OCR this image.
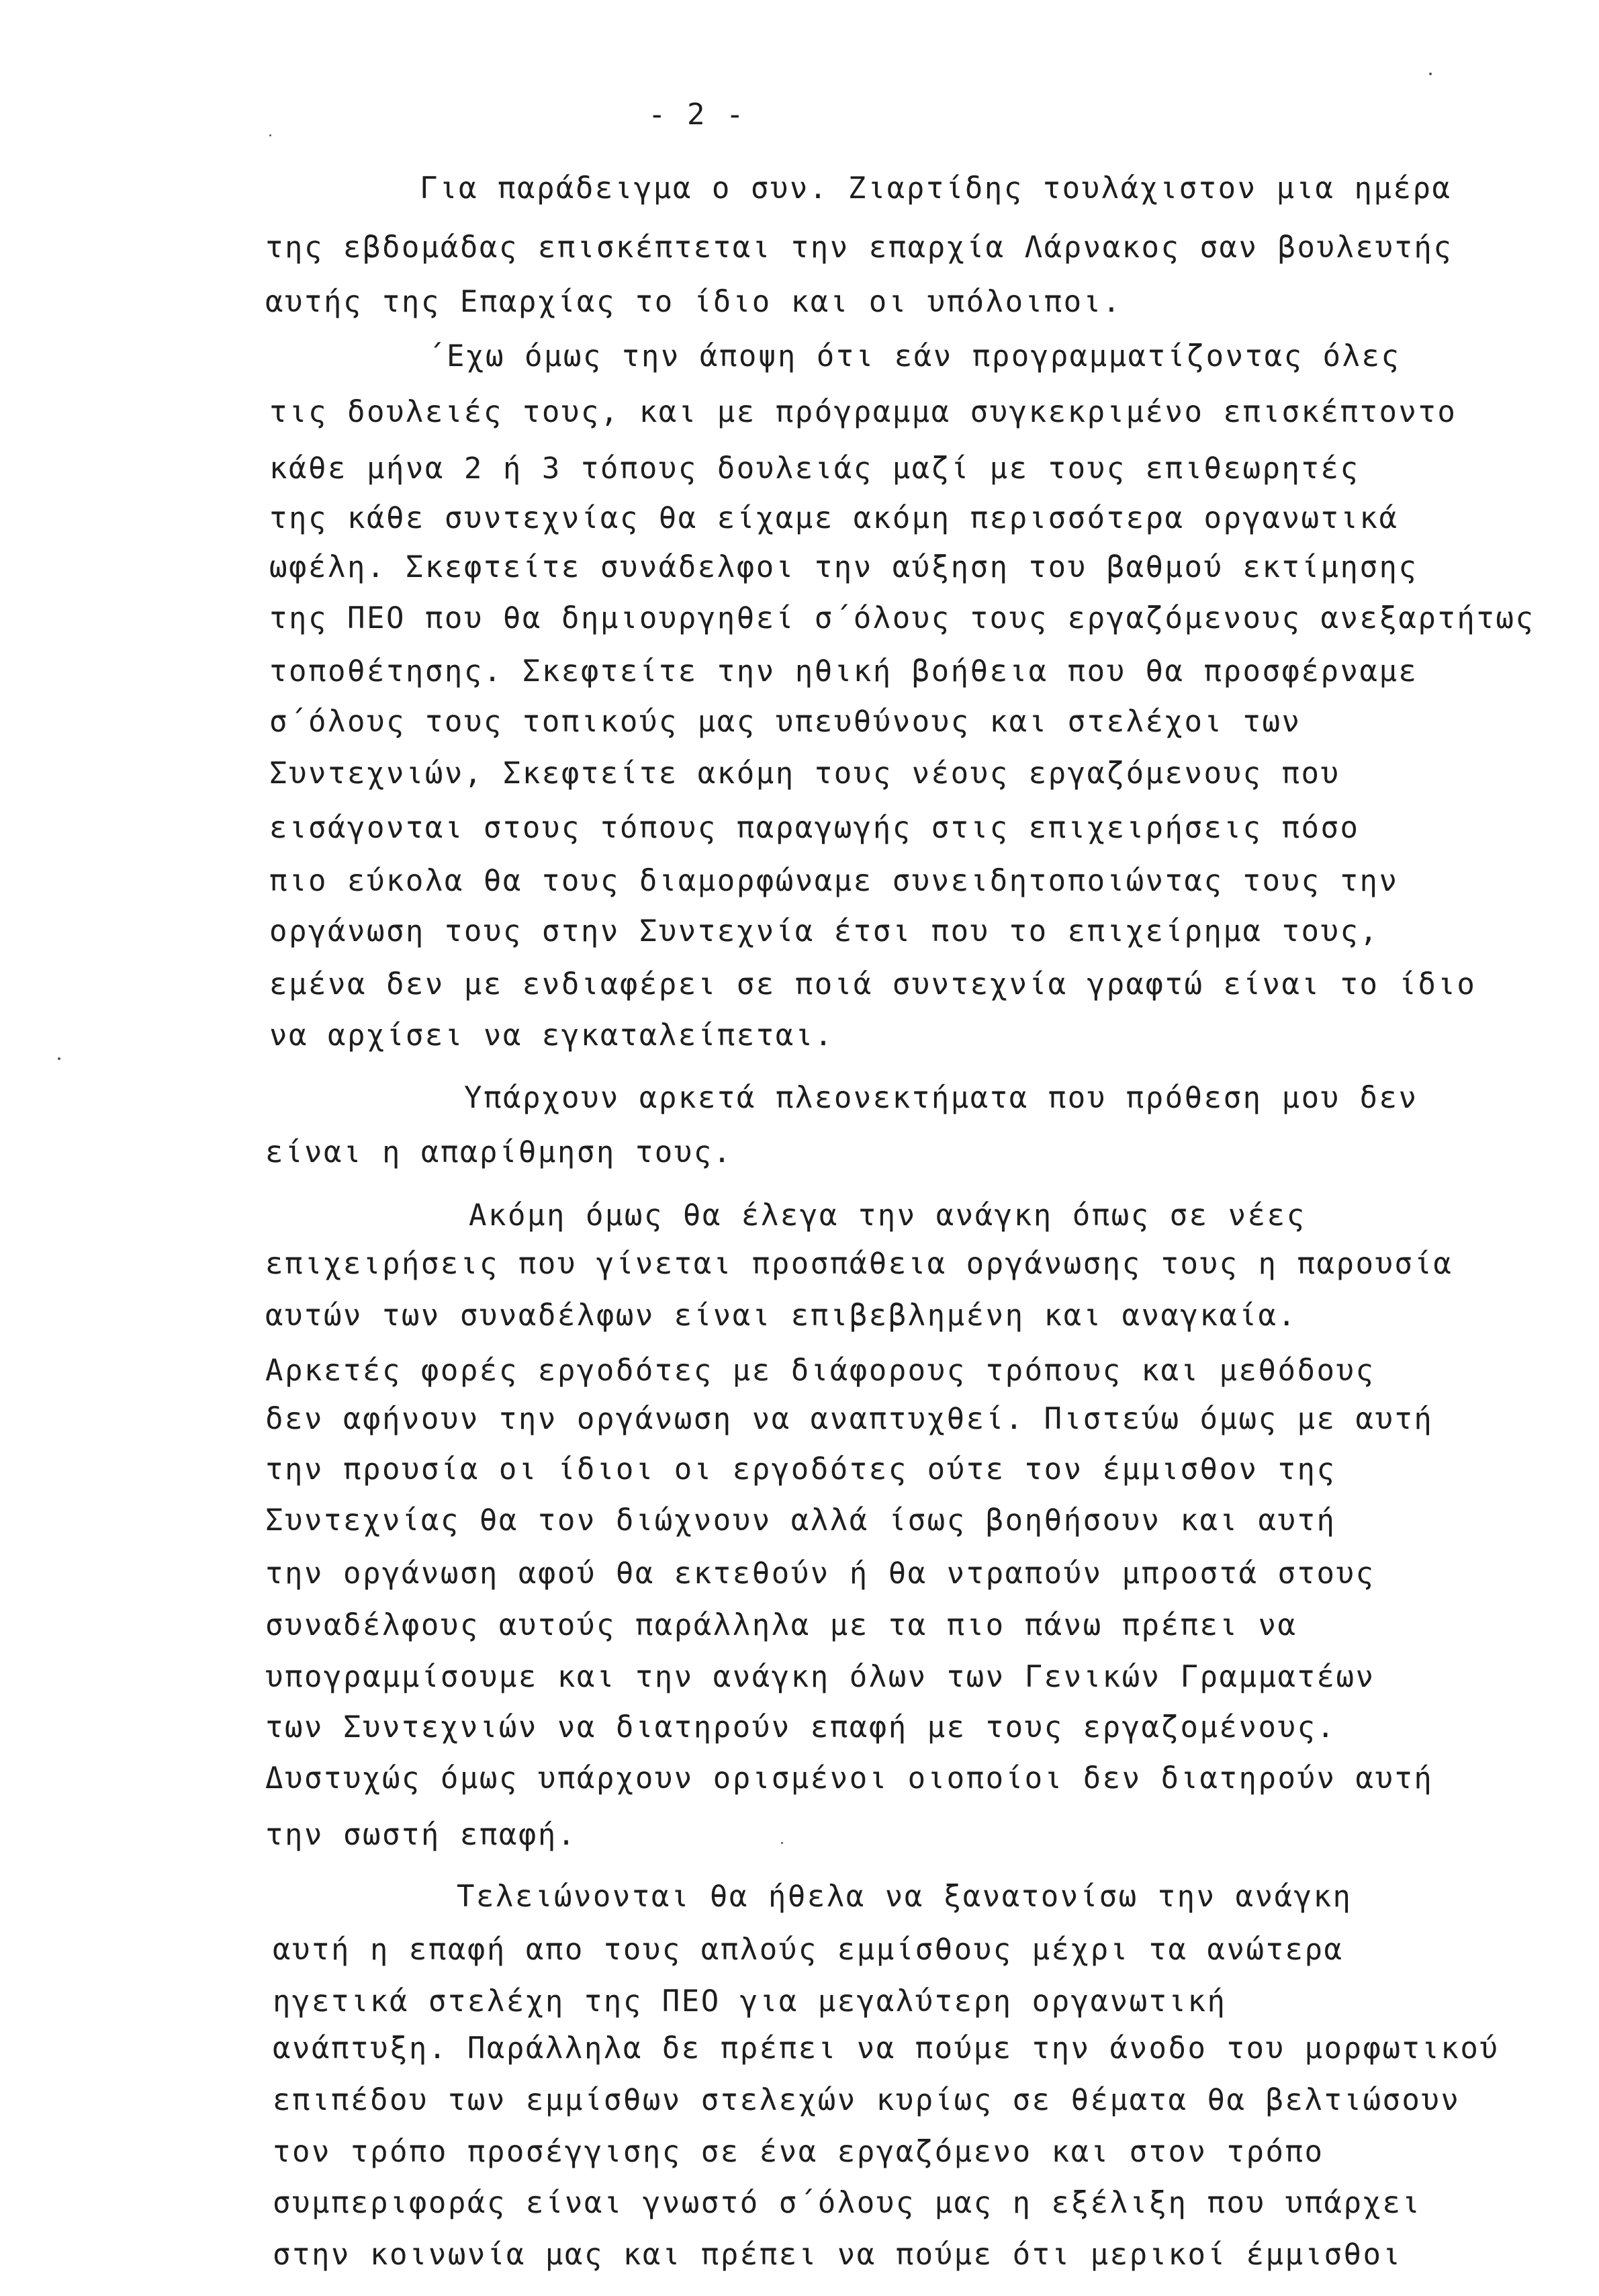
- 2 -
Για παράδειγμα ο συν. Ζιαρτίδης τουλάχιστον μια ημέρα
της εβδομάδας επισκέπτεται την επαρχία Λάρνακος σαν βουλευτής
αυτής της Επαρχίας το ίδιο και οι υπόλοιποι.
΄Εχω όμως την άποψη ότι εάν προγραμματίζοντας όλες
τις δουλειές τους, και με πρόγραμμα συγκεκριμένο επισκέπτοντο
κάθε μήνα 2 ή 3 τόπους δουλειάς μαζί με τους επιθεωρητές
της κάθε συντεχνίας θα είχαμε ακόμη περισσότερα οργανωτικά
ωφέλη. Σκεφτείτε συνάδελφοι την αύξηση του βαθμού εκτίμησης
της ΠΕΟ που θα δημιουργηθεί σ΄όλους τους εργαζόμενους ανεξαρτήτως
τοποθέτησης. Σκεφτείτε την ηθική βοήθεια που θα προσφέρναμε
σ΄όλους τους τοπικούς μας υπευθύνους και στελέχοι των
Συντεχνιών, Σκεφτείτε ακόμη τους νέους εργαζόμενους που
εισάγονται στους τόπους παραγωγής στις επιχειρήσεις πόσο
πιο εύκολα θα τους διαμορφώναμε συνειδητοποιώντας τους την
οργάνωση τους στην Συντεχνία έτσι που το επιχείρημα τους,
εμένα δεν με ενδιαφέρει σε ποιά συντεχνία γραφτώ είναι το ίδιο
να αρχίσει να εγκαταλείπεται.
Υπάρχουν αρκετά πλεονεκτήματα που πρόθεση μου δεν
είναι η απαρίθμηση τους.
Ακόμη όμως θα έλεγα την ανάγκη όπως σε νέες
επιχειρήσεις που γίνεται προσπάθεια οργάνωσης τους η παρουσία
αυτών των συναδέλφων είναι επιβεβλημένη και αναγκαία.
Αρκετές φορές εργοδότες με διάφορους τρόπους και μεθόδους
δεν αφήνουν την οργάνωση να αναπτυχθεί. Πιστεύω όμως με αυτή
την προυσία οι ίδιοι οι εργοδότες ούτε τον έμμισθον της
Συντεχνίας θα τον διώχνουν αλλά ίσως βοηθήσουν και αυτή
την οργάνωση αφού θα εκτεθούν ή θα ντραπούν μπροστά στους
συναδέλφους αυτούς παράλληλα με τα πιο πάνω πρέπει να
υπογραμμίσουμε και την ανάγκη όλων των Γενικών Γραμματέων
των Συντεχνιών να διατηρούν επαφή με τους εργαζομένους.
Δυστυχώς όμως υπάρχουν ορισμένοι οιοποίοι δεν διατηρούν αυτή
την σωστή επαφή.
Τελειώνονται θα ήθελα να ξανατονίσω την ανάγκη
αυτή η επαφή απο τους απλούς εμμίσθους μέχρι τα ανώτερα
ηγετικά στελέχη της ΠΕΟ για μεγαλύτερη οργανωτική
ανάπτυξη. Παράλληλα δε πρέπει να πούμε την άνοδο του μορφωτικού
επιπέδου των εμμίσθων στελεχών κυρίως σε θέματα θα βελτιώσουν
τον τρόπο προσέγγισης σε ένα εργαζόμενο και στον τρόπο
συμπεριφοράς είναι γνωστό σ΄όλους μας η εξέλιξη που υπάρχει
στην κοινωνία μας και πρέπει να πούμε ότι μερικοί έμμισθοι
